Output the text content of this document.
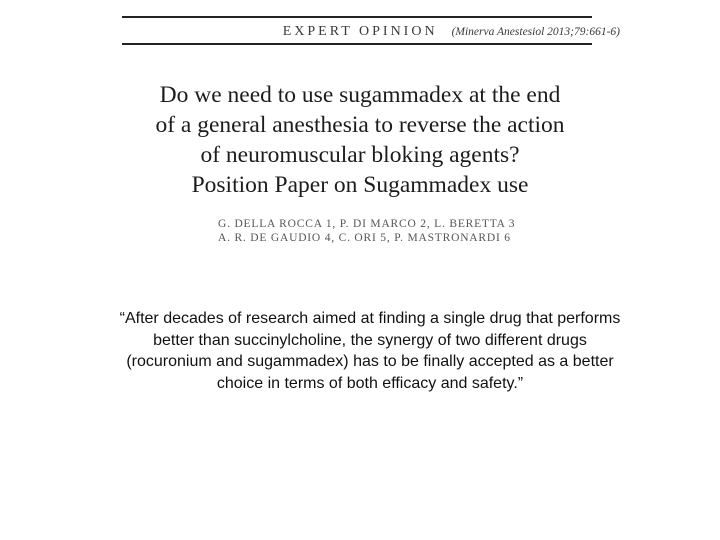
EXPERT OPINION (Minerva Anestesiol 2013;79:661-6)
Do we need to use sugammadex at the end
of a general anesthesia to reverse the action
of neuromuscular bloking agents?
Position Paper on Sugammadex use
G. DELLA ROCCA 1, P. DI MARCO 2, L. BERETTA 3
A. R. DE GAUDIO 4, C. ORI 5, P. MASTRONARDI 6
“After decades of research aimed at finding a single drug that performs better than succinylcholine, the synergy of two different drugs (rocuronium and sugammadex) has to be finally accepted as a better choice in terms of both efficacy and safety.”
